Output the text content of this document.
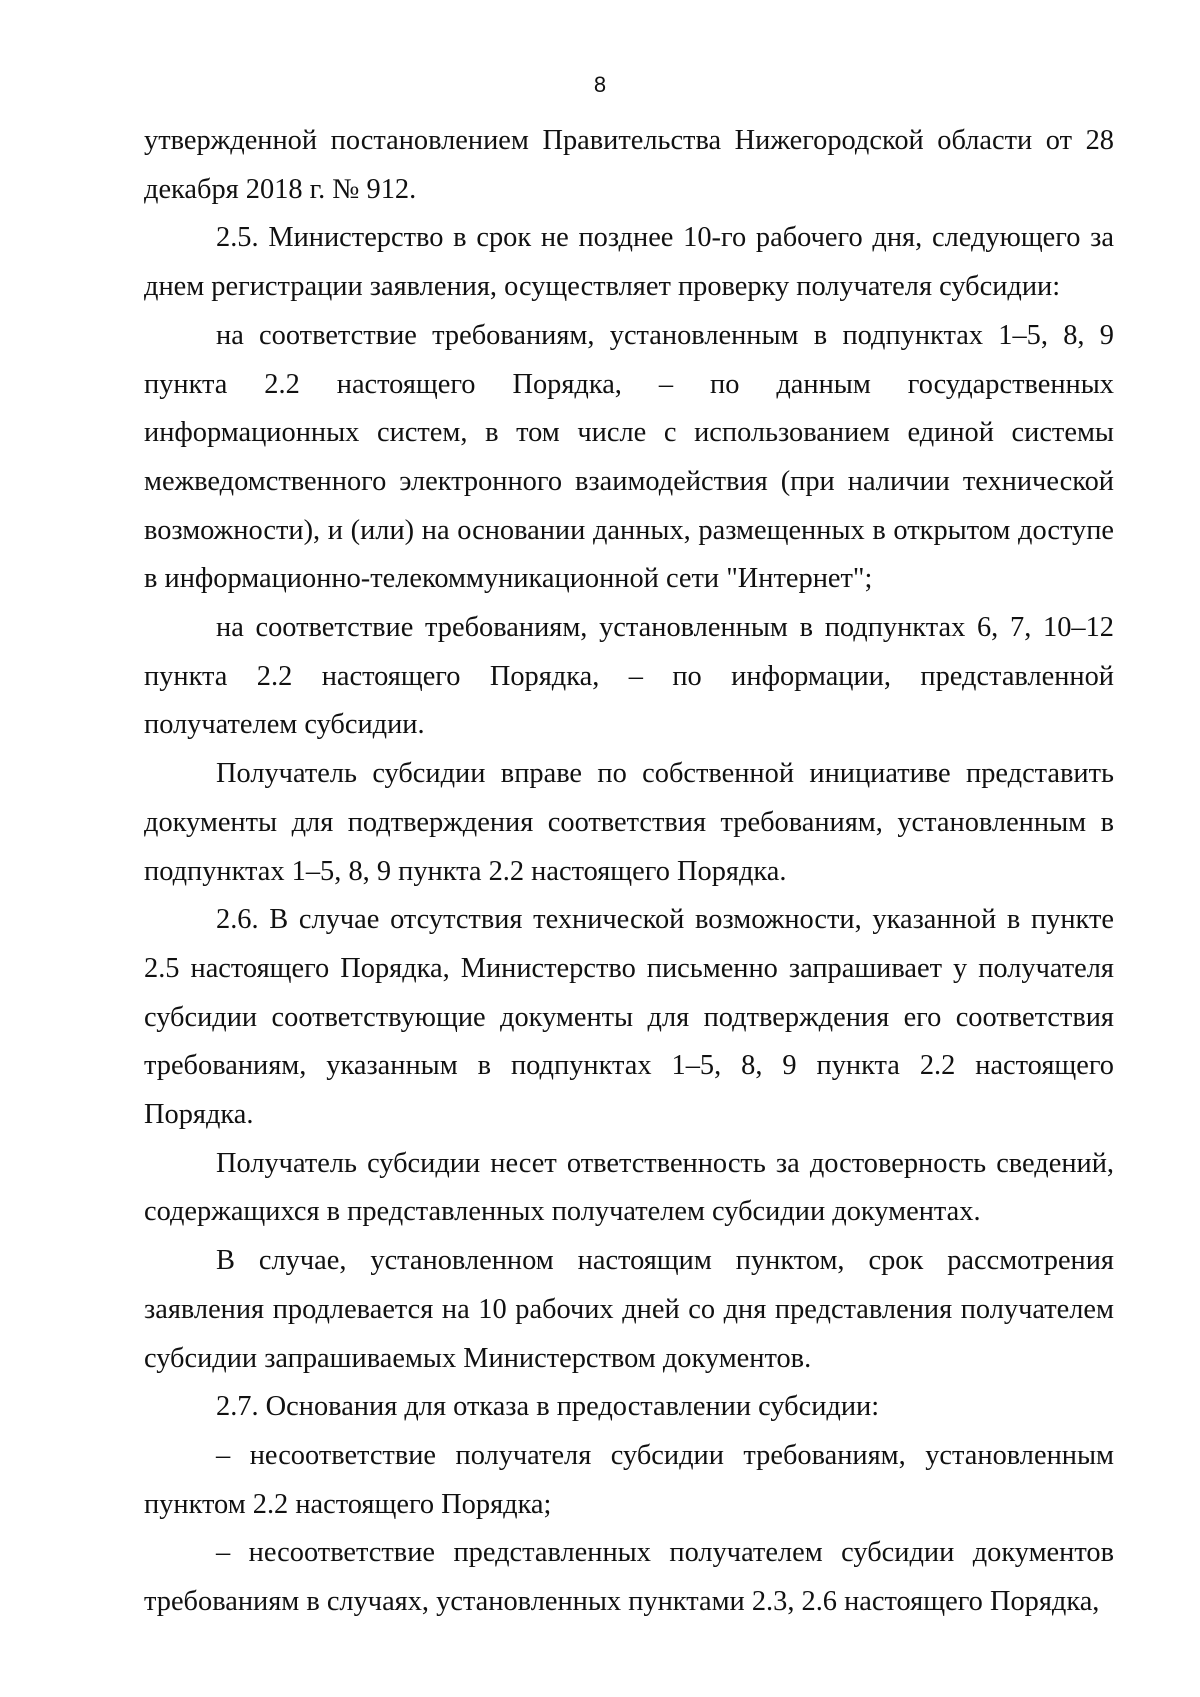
8

утвержденной постановлением Правительства Нижегородской области от 28 декабря 2018 г. № 912.

2.5. Министерство в срок не позднее 10-го рабочего дня, следующего за днем регистрации заявления, осуществляет проверку получателя субсидии:

на соответствие требованиям, установленным в подпунктах 1–5, 8, 9 пункта 2.2 настоящего Порядка, – по данным государственных информационных систем, в том числе с использованием единой системы межведомственного электронного взаимодействия (при наличии технической возможности), и (или) на основании данных, размещенных в открытом доступе в информационно-телекоммуникационной сети "Интернет";

на соответствие требованиям, установленным в подпунктах 6, 7, 10–12 пункта 2.2 настоящего Порядка, – по информации, представленной получателем субсидии.

Получатель субсидии вправе по собственной инициативе представить документы для подтверждения соответствия требованиям, установленным в подпунктах 1–5, 8, 9 пункта 2.2 настоящего Порядка.

2.6. В случае отсутствия технической возможности, указанной в пункте 2.5 настоящего Порядка, Министерство письменно запрашивает у получателя субсидии соответствующие документы для подтверждения его соответствия требованиям, указанным в подпунктах 1–5, 8, 9 пункта 2.2 настоящего Порядка.

Получатель субсидии несет ответственность за достоверность сведений, содержащихся в представленных получателем субсидии документах.

В случае, установленном настоящим пунктом, срок рассмотрения заявления продлевается на 10 рабочих дней со дня представления получателем субсидии запрашиваемых Министерством документов.

2.7. Основания для отказа в предоставлении субсидии:

– несоответствие получателя субсидии требованиям, установленным пунктом 2.2 настоящего Порядка;

– несоответствие представленных получателем субсидии документов требованиям в случаях, установленных пунктами 2.3, 2.6 настоящего Порядка,
